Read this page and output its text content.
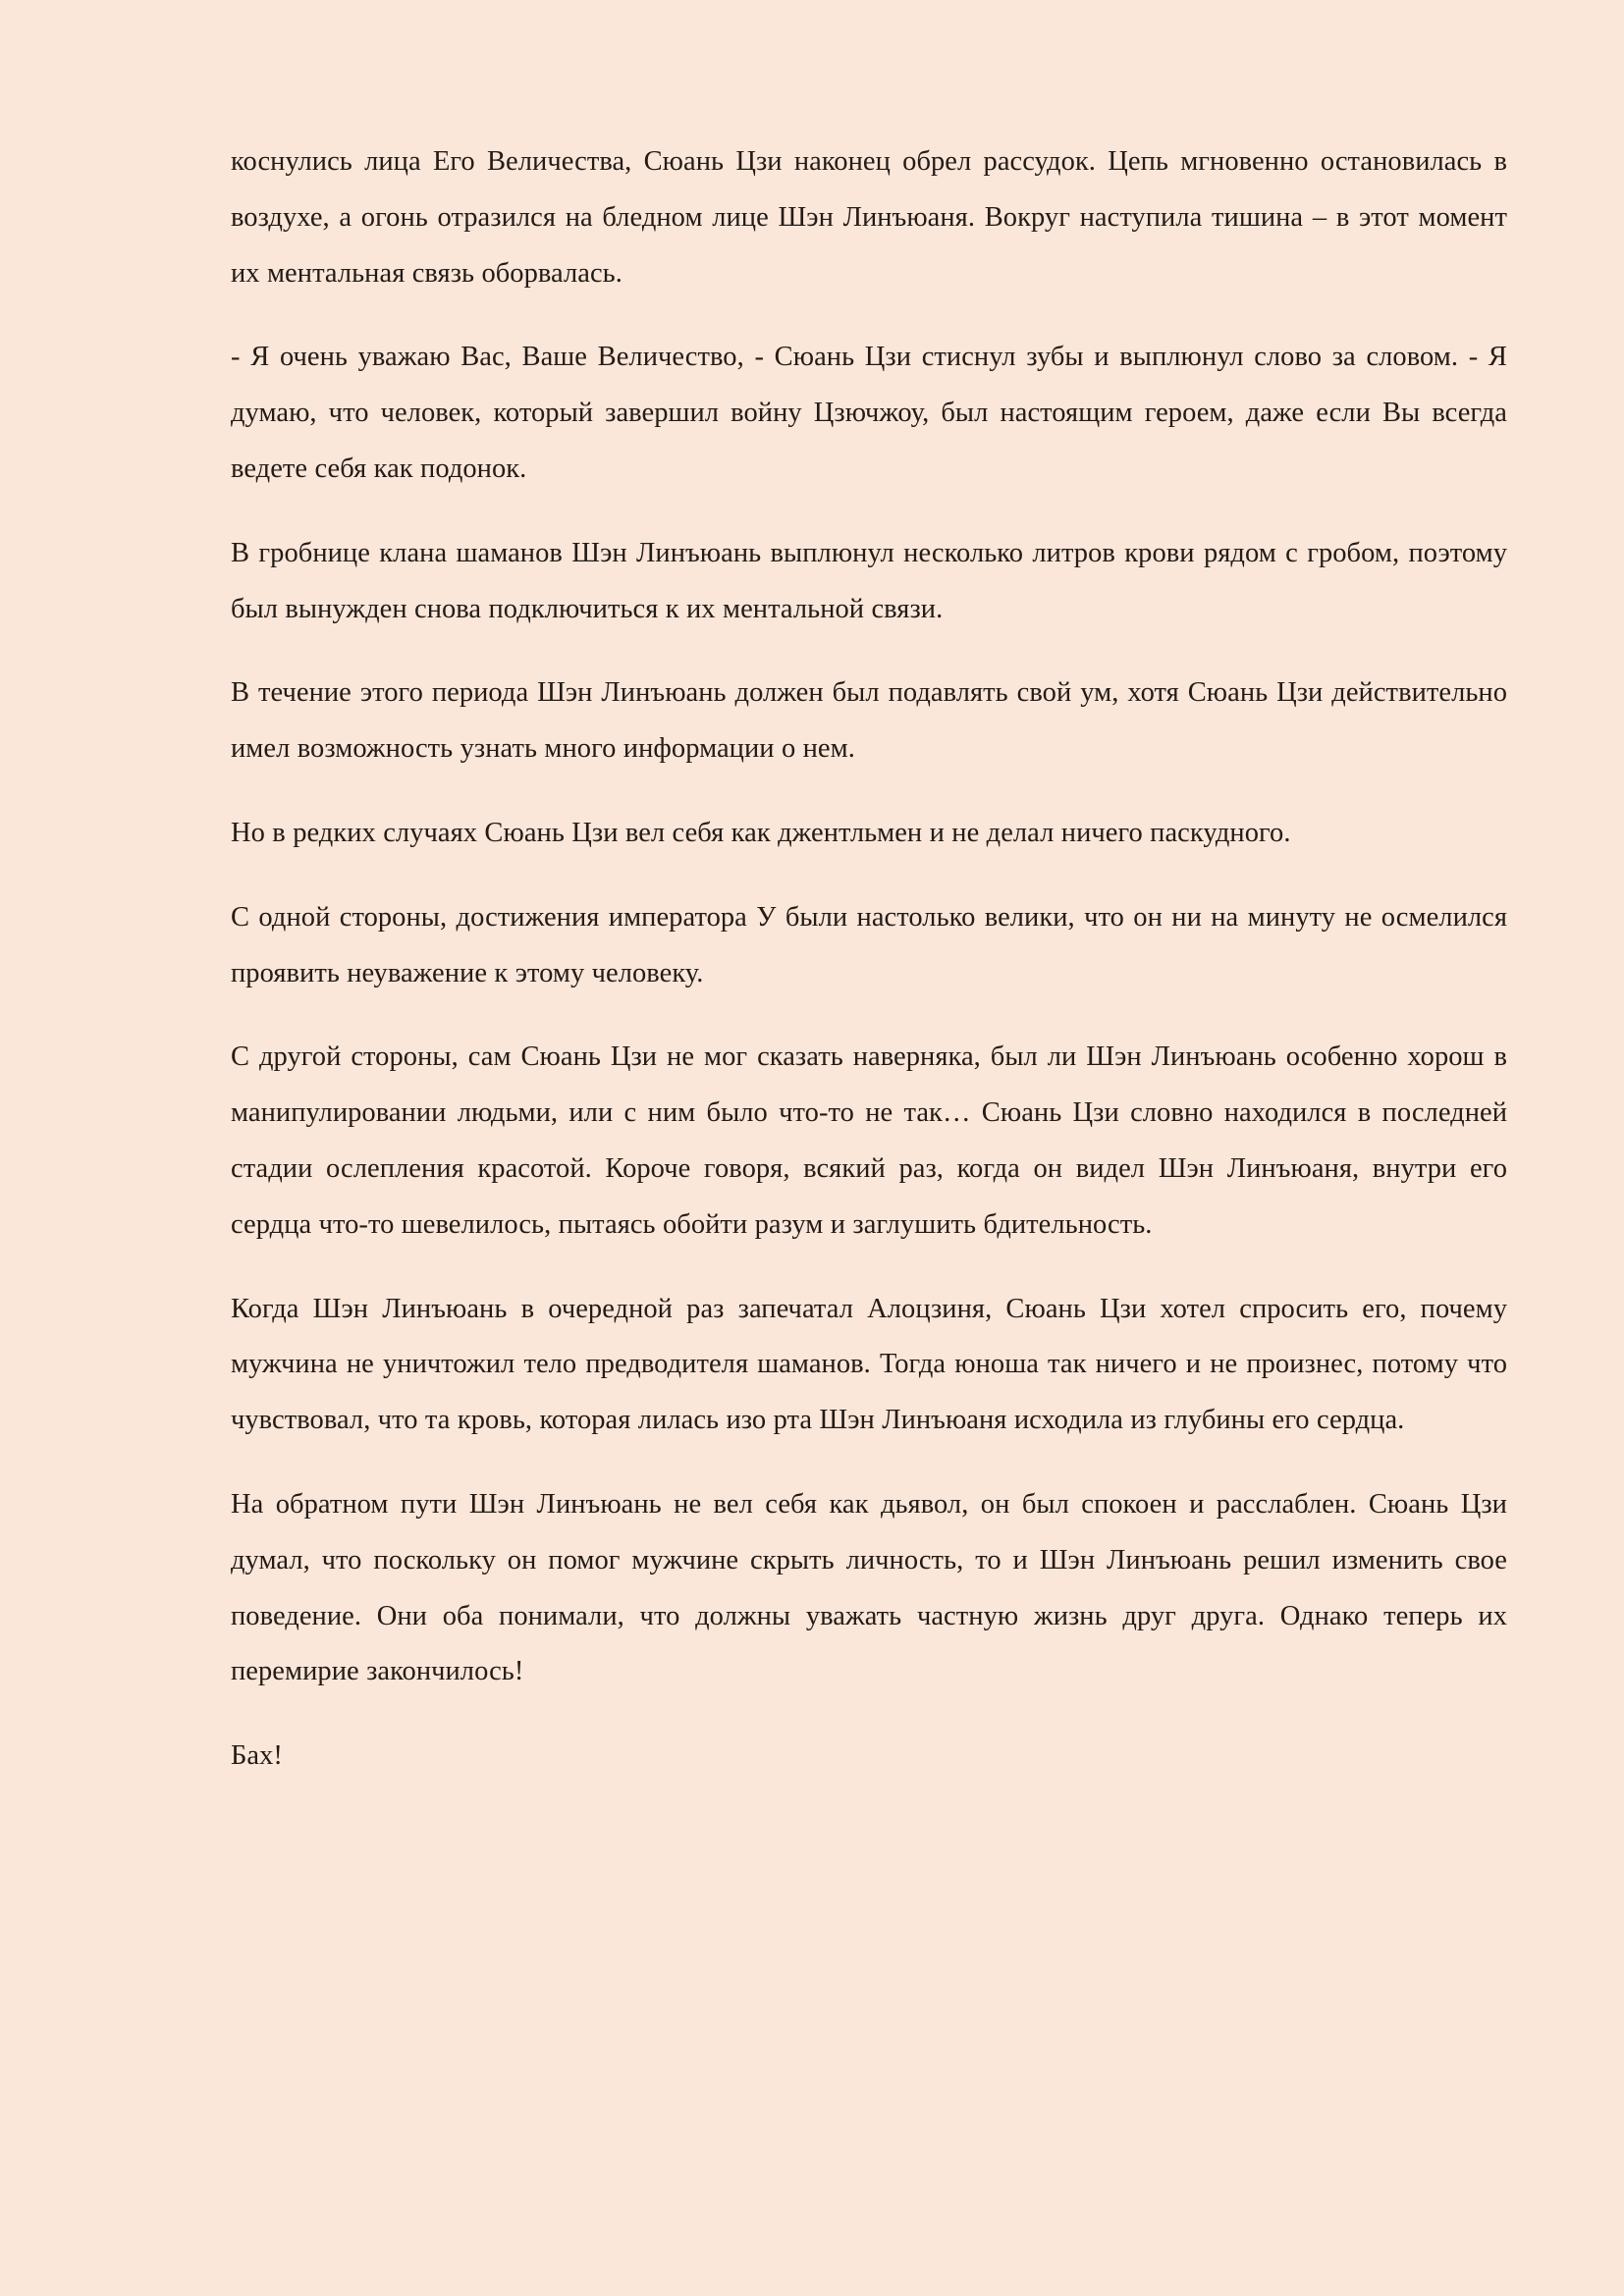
коснулись лица Его Величества, Сюань Цзи наконец обрел рассудок. Цепь мгновенно остановилась в воздухе, а огонь отразился на бледном лице Шэн Линъюаня. Вокруг наступила тишина – в этот момент их ментальная связь оборвалась.

- Я очень уважаю Вас, Ваше Величество, - Сюань Цзи стиснул зубы и выплюнул слово за словом. - Я думаю, что человек, который завершил войну Цзючжоу, был настоящим героем, даже если Вы всегда ведете себя как подонок.

В гробнице клана шаманов Шэн Линъюань выплюнул несколько литров крови рядом с гробом, поэтому был вынужден снова подключиться к их ментальной связи.

В течение этого периода Шэн Линъюань должен был подавлять свой ум, хотя Сюань Цзи действительно имел возможность узнать много информации о нем.

Но в редких случаях Сюань Цзи вел себя как джентльмен и не делал ничего паскудного.

С одной стороны, достижения императора У были настолько велики, что он ни на минуту не осмелился проявить неуважение к этому человеку.

С другой стороны, сам Сюань Цзи не мог сказать наверняка, был ли Шэн Линъюань особенно хорош в манипулировании людьми, или с ним было что-то не так… Сюань Цзи словно находился в последней стадии ослепления красотой. Короче говоря, всякий раз, когда он видел Шэн Линъюаня, внутри его сердца что-то шевелилось, пытаясь обойти разум и заглушить бдительность.

Когда Шэн Линъюань в очередной раз запечатал Алоцзиня, Сюань Цзи хотел спросить его, почему мужчина не уничтожил тело предводителя шаманов. Тогда юноша так ничего и не произнес, потому что чувствовал, что та кровь, которая лилась изо рта Шэн Линъюаня исходила из глубины его сердца.

На обратном пути Шэн Линъюань не вел себя как дьявол, он был спокоен и расслаблен. Сюань Цзи думал, что поскольку он помог мужчине скрыть личность, то и Шэн Линъюань решил изменить свое поведение. Они оба понимали, что должны уважать частную жизнь друг друга. Однако теперь их перемирие закончилось!

Бах!
